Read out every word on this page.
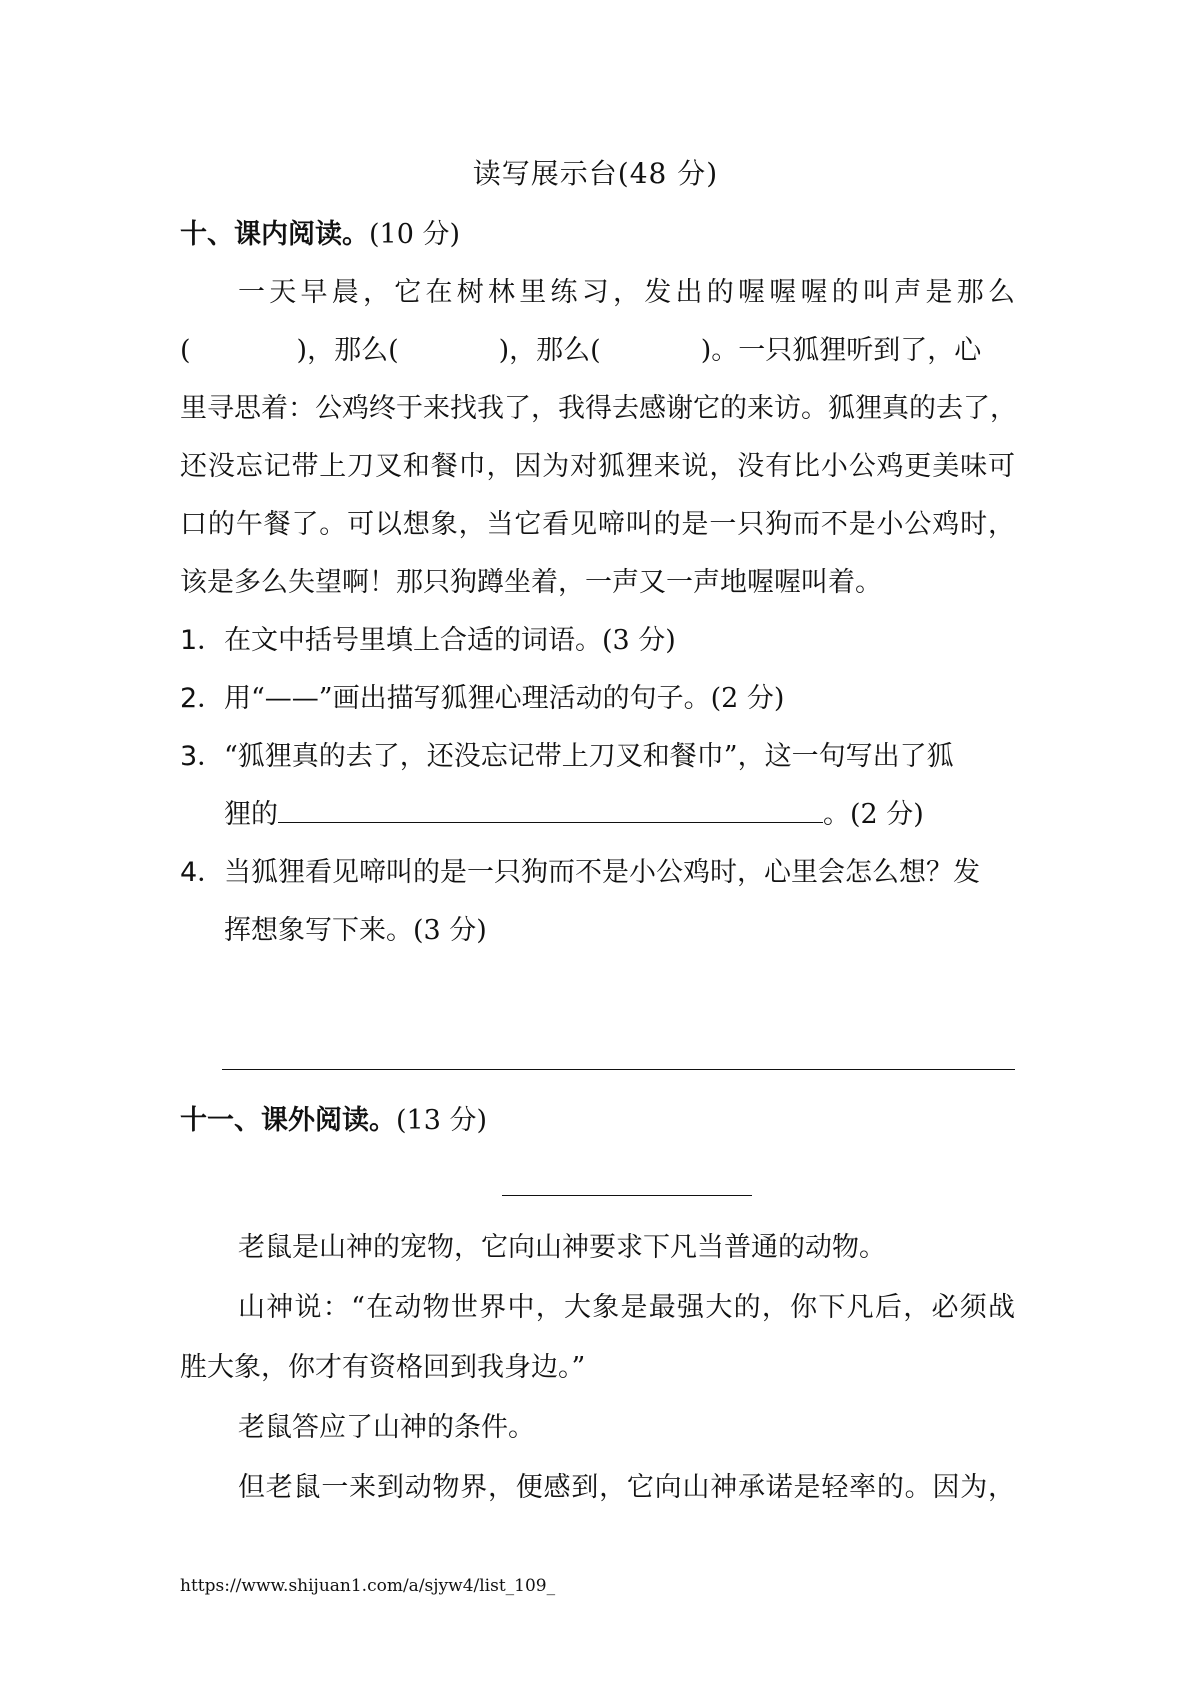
读写展示台(48 分)
十、课内阅读。(10 分)
一天早晨，它在树林里练习，发出的喔喔喔的叫声是那么
(	)，那么(	)，那么(	)。一只狐狸听到了，心
里寻思着：公鸡终于来找我了，我得去感谢它的来访。狐狸真的去了，
还没忘记带上刀叉和餐巾，因为对狐狸来说，没有比小公鸡更美味可
口的午餐了。可以想象，当它看见啼叫的是一只狗而不是小公鸡时，
该是多么失望啊！那只狗蹲坐着，一声又一声地喔喔叫着。
1．在文中括号里填上合适的词语。(3 分)
2．用“——”画出描写狐狸心理活动的句子。(2 分)
3．“狐狸真的去了，还没忘记带上刀叉和餐巾”，这一句写出了狐
狸的	。(2 分)
4．当狐狸看见啼叫的是一只狗而不是小公鸡时，心里会怎么想？发
挥想象写下来。(3 分)
十一、课外阅读。(13 分)
老鼠是山神的宠物，它向山神要求下凡当普通的动物。
山神说：“在动物世界中，大象是最强大的，你下凡后，必须战
胜大象，你才有资格回到我身边。”
老鼠答应了山神的条件。
但老鼠一来到动物界，便感到，它向山神承诺是轻率的。因为，
https://www.shijuan1.com/a/sjyw4/list_109_
